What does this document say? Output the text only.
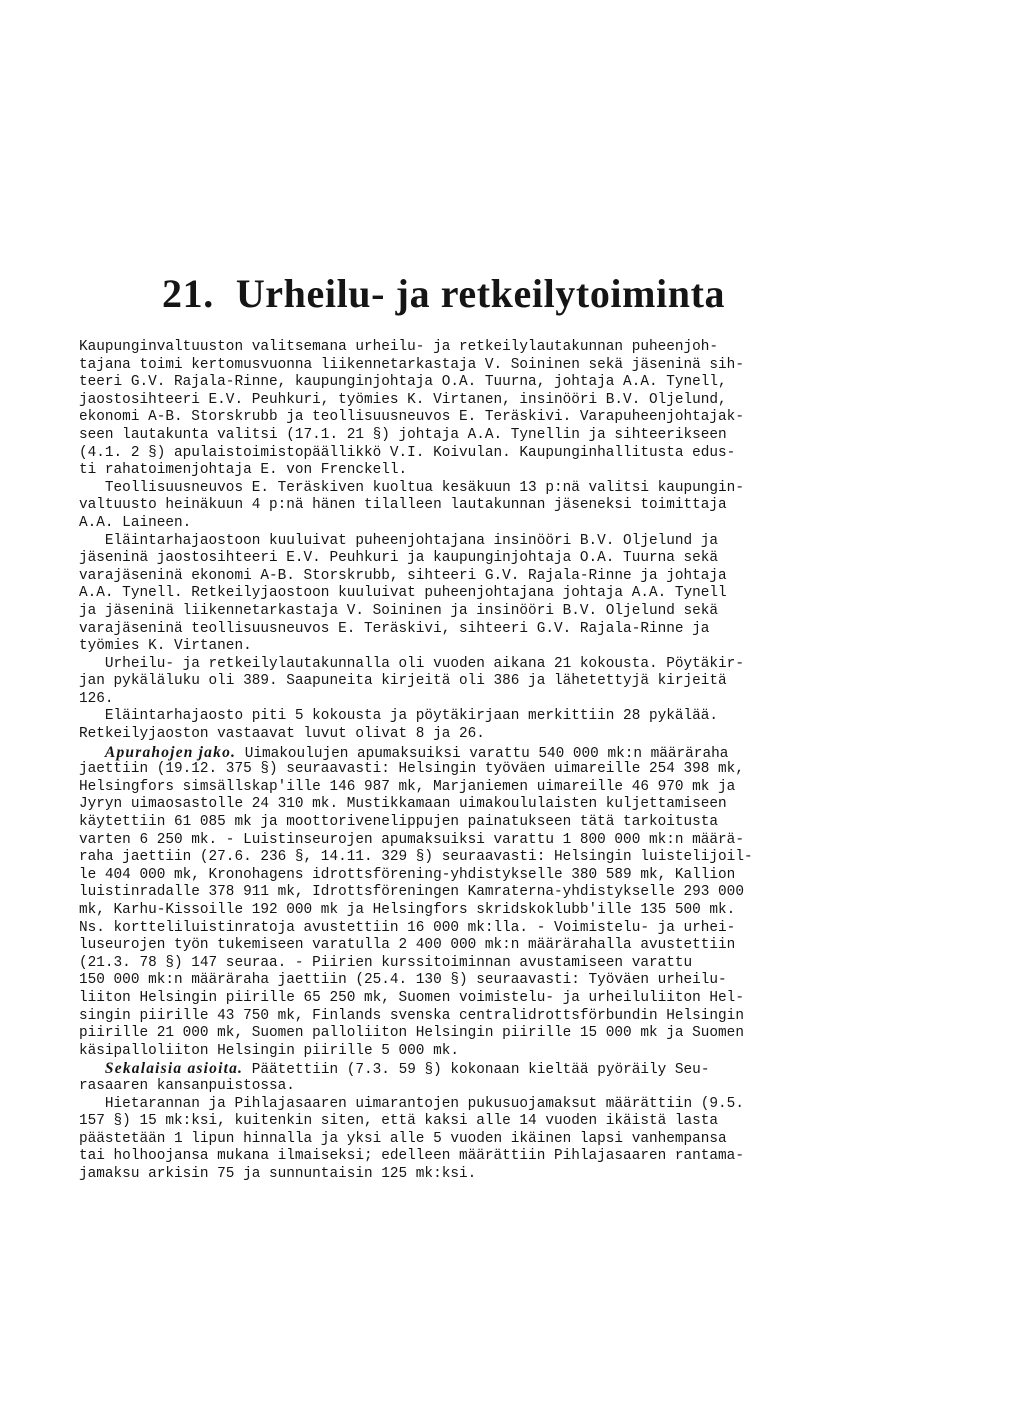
21. Urheilu- ja retkeilytoiminta
Kaupunginvaltuuston valitsemana urheilu- ja retkeilylautakunnan puheenjoh-
tajana toimi kertomusvuonna liikennetarkastaja V. Soininen sekä jäseninä sih-
teeri G.V. Rajala-Rinne, kaupunginjohtaja O.A. Tuurna, johtaja A.A. Tynell,
jaostosihteeri E.V. Peuhkuri, työmies K. Virtanen, insinööri B.V. Oljelund,
ekonomi A-B. Storskrubb ja teollisuusneuvos E. Teräskivi. Varapuheenjohtajak-
seen lautakunta valitsi (17.1. 21 §) johtaja A.A. Tynellin ja sihteerikseen
(4.1. 2 §) apulaistoimistopäällikkö V.I. Koivulan. Kaupunginhallitusta edus-
ti rahatoimenjohtaja E. von Frenckell.
Teollisuusneuvos E. Teräskiven kuoltua kesäkuun 13 p:nä valitsi kaupungin-
valtuusto heinäkuun 4 p:nä hänen tilalleen lautakunnan jäseneksi toimittaja
A.A. Laineen.
Eläintarhajaostoon kuuluivat puheenjohtajana insinööri B.V. Oljelund ja
jäseninä jaostosihteeri E.V. Peuhkuri ja kaupunginjohtaja O.A. Tuurna sekä
varajäseninä ekonomi A-B. Storskrubb, sihteeri G.V. Rajala-Rinne ja johtaja
A.A. Tynell. Retkeilyjaostoon kuuluivat puheenjohtajana johtaja A.A. Tynell
ja jäseninä liikennetarkastaja V. Soininen ja insinööri B.V. Oljelund sekä
varajäseninä teollisuusneuvos E. Teräskivi, sihteeri G.V. Rajala-Rinne ja
työmies K. Virtanen.
Urheilu- ja retkeilylautakunnalla oli vuoden aikana 21 kokousta. Pöytäkir-
jan pykäläluku oli 389. Saapuneita kirjeitä oli 386 ja lähetettyjä kirjeitä
126.
Eläintarhajaosto piti 5 kokousta ja pöytäkirjaan merkittiin 28 pykälää.
Retkeilyjaoston vastaavat luvut olivat 8 ja 26.
Apurahojen jako. Uimakoulujen apumaksuiksi varattu 540 000 mk:n määräraha
jaettiin (19.12. 375 §) seuraavasti: Helsingin työväen uimareille 254 398 mk,
Helsingfors simsällskap'ille 146 987 mk, Marjaniemen uimareille 46 970 mk ja
Jyryn uimaosastolle 24 310 mk. Mustikkamaan uimakoululaisten kuljettamiseen
käytettiin 61 085 mk ja moottorivenelippujen painatukseen tätä tarkoitusta
varten 6 250 mk. - Luistinseurojen apumaksuiksi varattu 1 800 000 mk:n määrä-
raha jaettiin (27.6. 236 §, 14.11. 329 §) seuraavasti: Helsingin luistelijoil-
le 404 000 mk, Kronohagens idrottsförening-yhdistykselle 380 589 mk, Kallion
luistinradalle 378 911 mk, Idrottsföreningen Kamraterna-yhdistykselle 293 000
mk, Karhu-Kissoille 192 000 mk ja Helsingfors skridskoklubb'ille 135 500 mk.
Ns. kortteliluistinratoja avustettiin 16 000 mk:lla. - Voimistelu- ja urhei-
luseurojen työn tukemiseen varatulla 2 400 000 mk:n määrärahalla avustettiin
(21.3. 78 §) 147 seuraa. - Piirien kurssitoiminnan avustamiseen varattu
150 000 mk:n määräraha jaettiin (25.4. 130 §) seuraavasti: Työväen urheilu-
liiton Helsingin piirille 65 250 mk, Suomen voimistelu- ja urheiluliiton Hel-
singin piirille 43 750 mk, Finlands svenska centralidrottsförbundin Helsingin
piirille 21 000 mk, Suomen palloliiton Helsingin piirille 15 000 mk ja Suomen
käsipalloliiton Helsingin piirille 5 000 mk.
Sekalaisia asioita. Päätettiin (7.3. 59 §) kokonaan kieltää pyöräily Seu-
rasaaren kansanpuistossa.
Hietarannan ja Pihlajasaaren uimarantojen pukusuojamaksut määrättiin (9.5.
157 §) 15 mk:ksi, kuitenkin siten, että kaksi alle 14 vuoden ikäistä lasta
päästetään 1 lipun hinnalla ja yksi alle 5 vuoden ikäinen lapsi vanhempansa
tai holhoojansa mukana ilmaiseksi; edelleen määrättiin Pihlajasaaren rantama-
jamaksu arkisin 75 ja sunnuntaisin 125 mk:ksi.
